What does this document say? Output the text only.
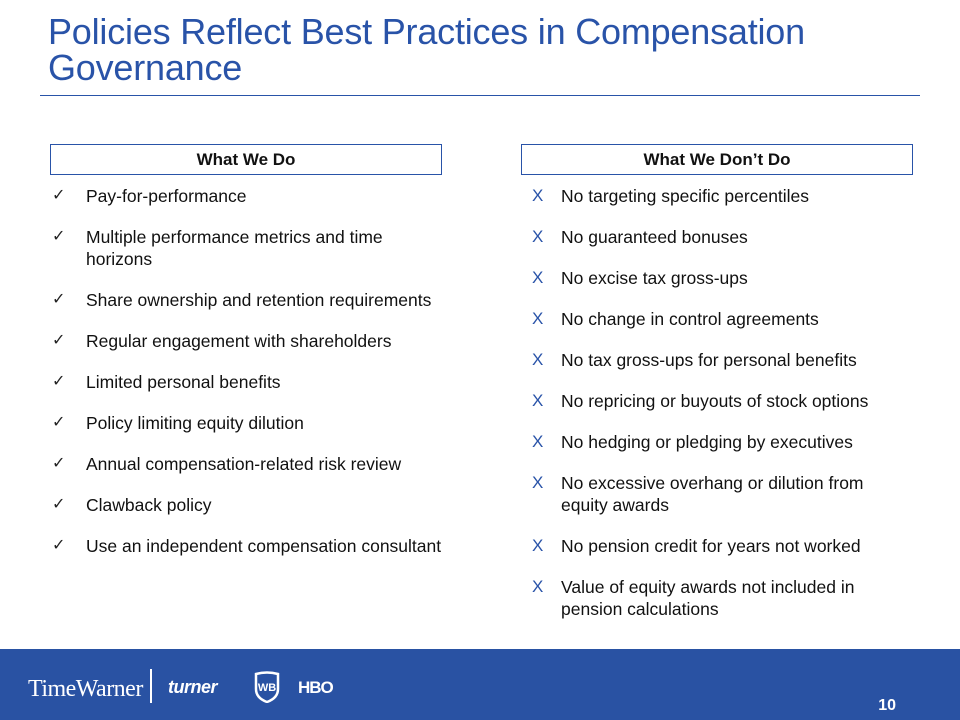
Policies Reflect Best Practices in Compensation Governance
What We Do
✓ Pay-for-performance
✓ Multiple performance metrics and time horizons
✓ Share ownership and retention requirements
✓ Regular engagement with shareholders
✓ Limited personal benefits
✓ Policy limiting equity dilution
✓ Annual compensation-related risk review
✓ Clawback policy
✓ Use an independent compensation consultant
What We Don’t Do
X No targeting specific percentiles
X No guaranteed bonuses
X No excise tax gross-ups
X No change in control agreements
X No tax gross-ups for personal benefits
X No repricing or buyouts of stock options
X No hedging or pledging by executives
X No excessive overhang or dilution from equity awards
X No pension credit for years not worked
X Value of equity awards not included in pension calculations
TimeWarner turner	WB HBO
10
